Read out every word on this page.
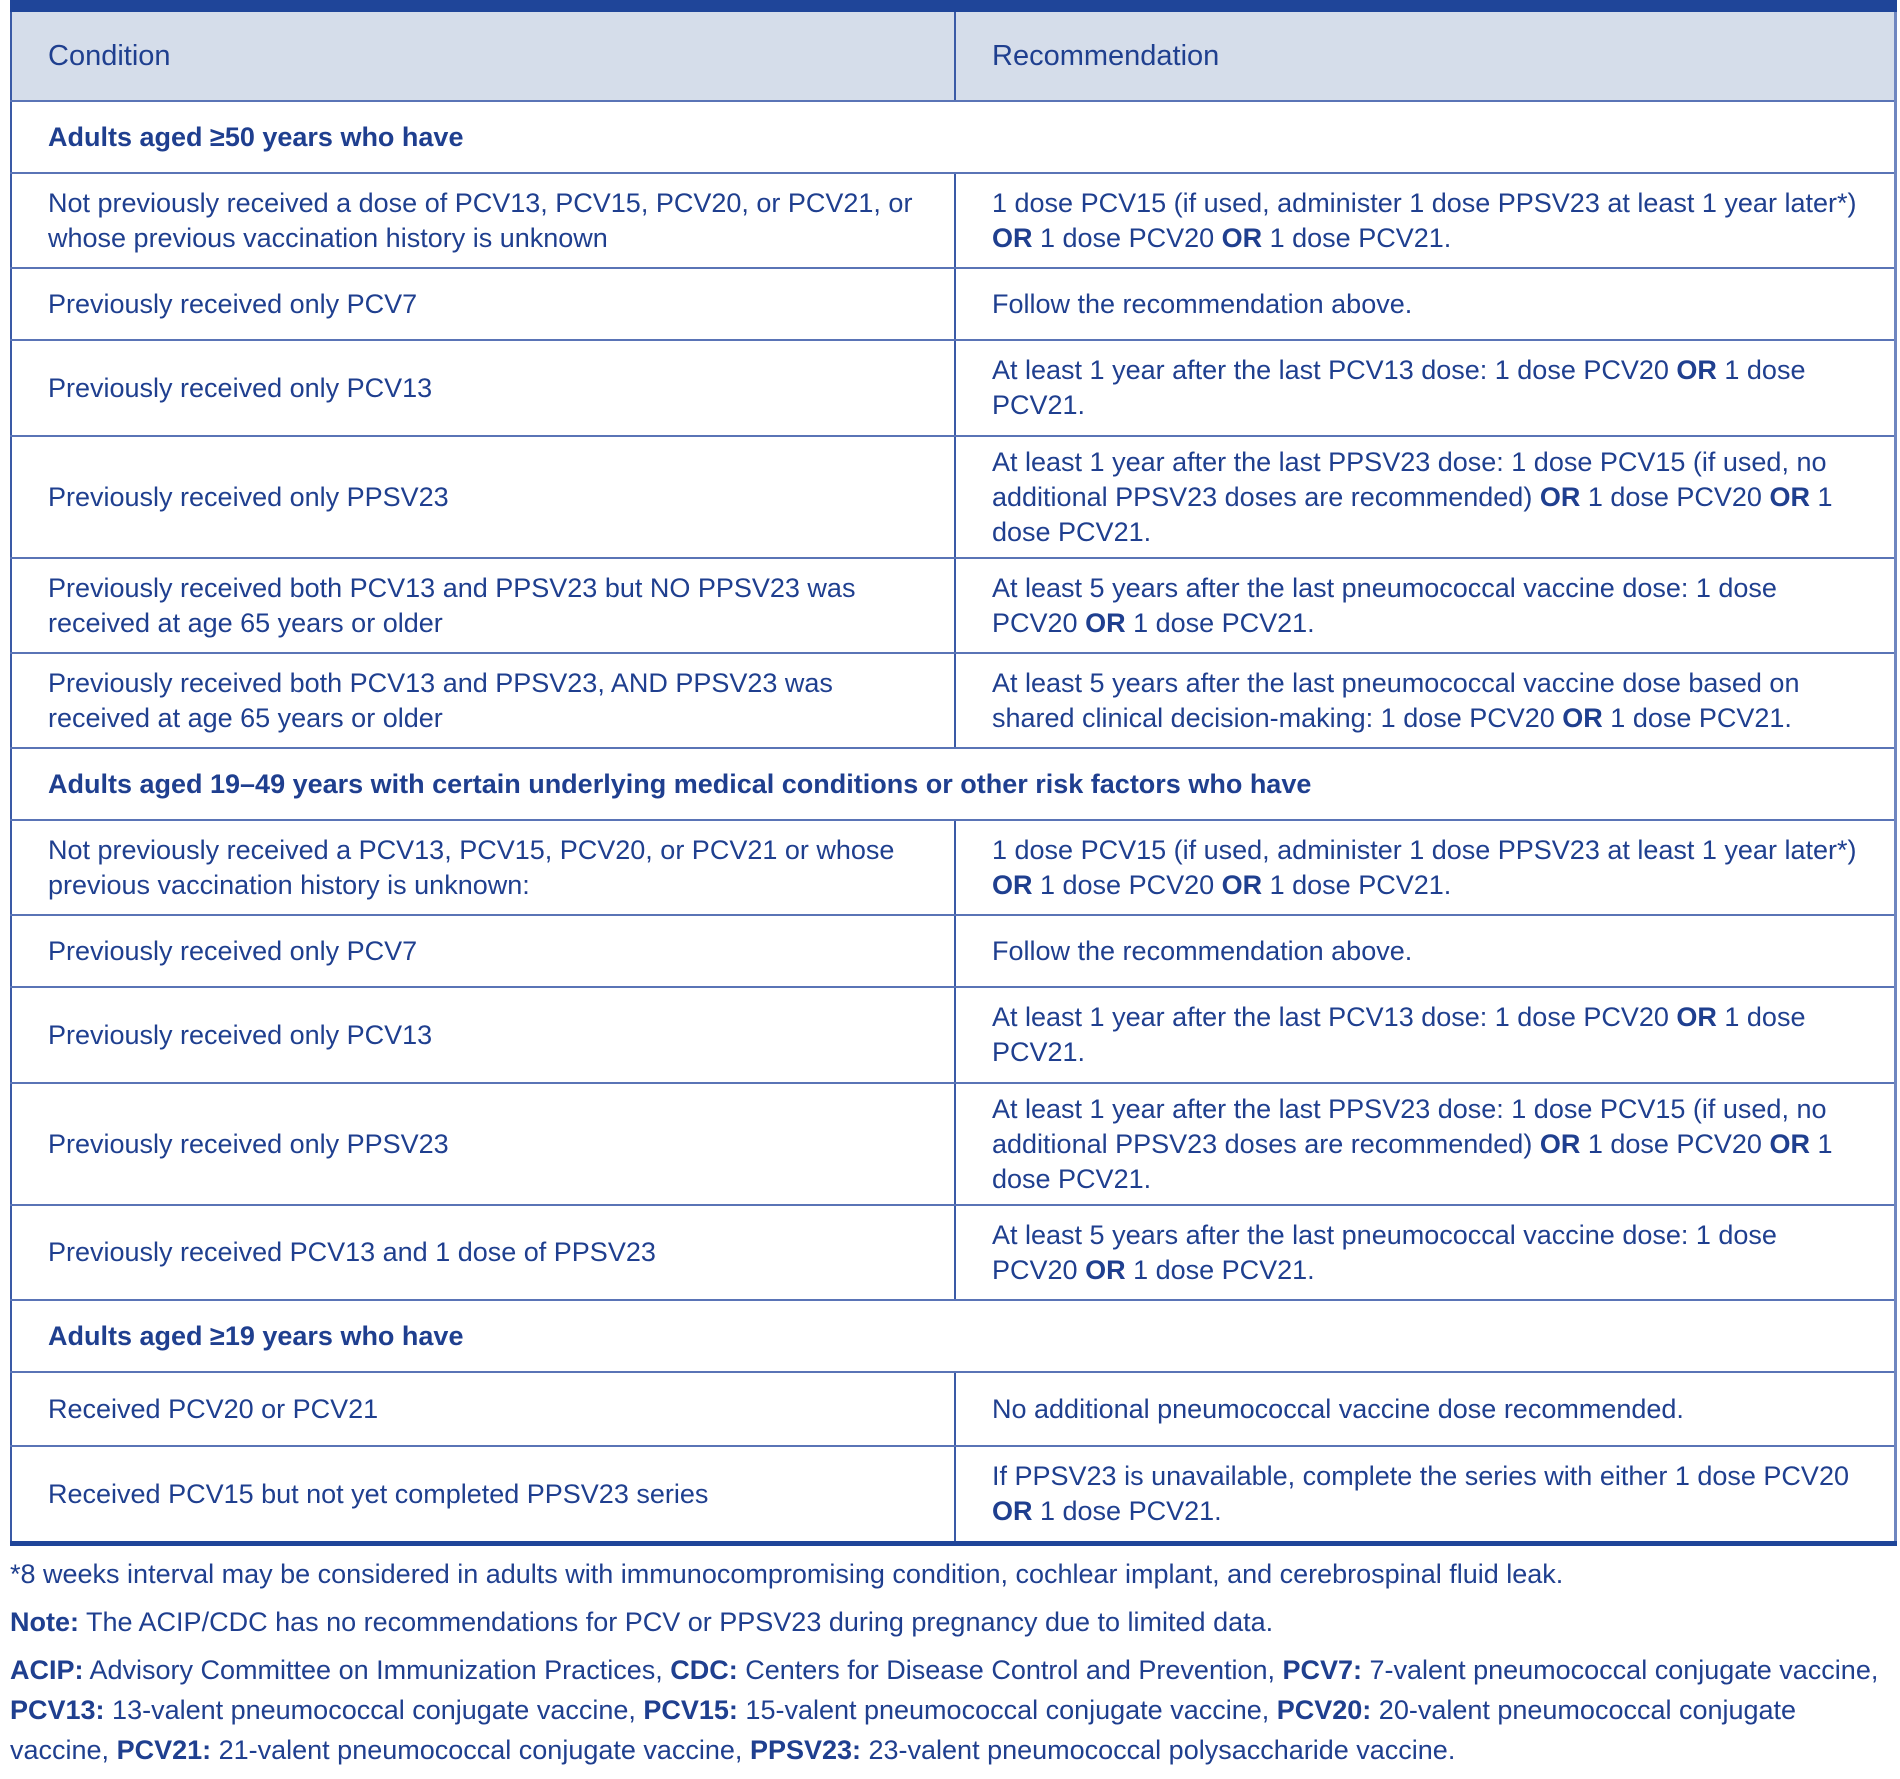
Condition	Recommendation
Adults aged ≥50 years who have	
Not previously received a dose of PCV13, PCV15, PCV20, or PCV21, or whose previous vaccination history is unknown	1 dose PCV15 (if used, administer 1 dose PPSV23 at least 1 year later*) OR 1 dose PCV20 OR 1 dose PCV21.
Previously received only PCV7	Follow the recommendation above.
Previously received only PCV13	At least 1 year after the last PCV13 dose: 1 dose PCV20 OR 1 dose PCV21.
Previously received only PPSV23	At least 1 year after the last PPSV23 dose: 1 dose PCV15 (if used, no additional PPSV23 doses are recommended) OR 1 dose PCV20 OR 1 dose PCV21.
Previously received both PCV13 and PPSV23 but NO PPSV23 was received at age 65 years or older	At least 5 years after the last pneumococcal vaccine dose: 1 dose PCV20 OR 1 dose PCV21.
Previously received both PCV13 and PPSV23, AND PPSV23 was received at age 65 years or older	At least 5 years after the last pneumococcal vaccine dose based on shared clinical decision-making: 1 dose PCV20 OR 1 dose PCV21.
Adults aged 19–49 years with certain underlying medical conditions or other risk factors who have	
Not previously received a PCV13, PCV15, PCV20, or PCV21 or whose previous vaccination history is unknown:	1 dose PCV15 (if used, administer 1 dose PPSV23 at least 1 year later*) OR 1 dose PCV20 OR 1 dose PCV21.
Previously received only PCV7	Follow the recommendation above.
Previously received only PCV13	At least 1 year after the last PCV13 dose: 1 dose PCV20 OR 1 dose PCV21.
Previously received only PPSV23	At least 1 year after the last PPSV23 dose: 1 dose PCV15 (if used, no additional PPSV23 doses are recommended) OR 1 dose PCV20 OR 1 dose PCV21.
Previously received PCV13 and 1 dose of PPSV23	At least 5 years after the last pneumococcal vaccine dose: 1 dose PCV20 OR 1 dose PCV21.
Adults aged ≥19 years who have	
Received PCV20 or PCV21	No additional pneumococcal vaccine dose recommended.
Received PCV15 but not yet completed PPSV23 series	If PPSV23 is unavailable, complete the series with either 1 dose PCV20 OR 1 dose PCV21.

*8 weeks interval may be considered in adults with immunocompromising condition, cochlear implant, and cerebrospinal fluid leak.

Note: The ACIP/CDC has no recommendations for PCV or PPSV23 during pregnancy due to limited data.

ACIP: Advisory Committee on Immunization Practices, CDC: Centers for Disease Control and Prevention, PCV7: 7-valent pneumococcal conjugate vaccine, PCV13: 13-valent pneumococcal conjugate vaccine, PCV15: 15-valent pneumococcal conjugate vaccine, PCV20: 20-valent pneumococcal conjugate vaccine, PCV21: 21-valent pneumococcal conjugate vaccine, PPSV23: 23-valent pneumococcal polysaccharide vaccine.
